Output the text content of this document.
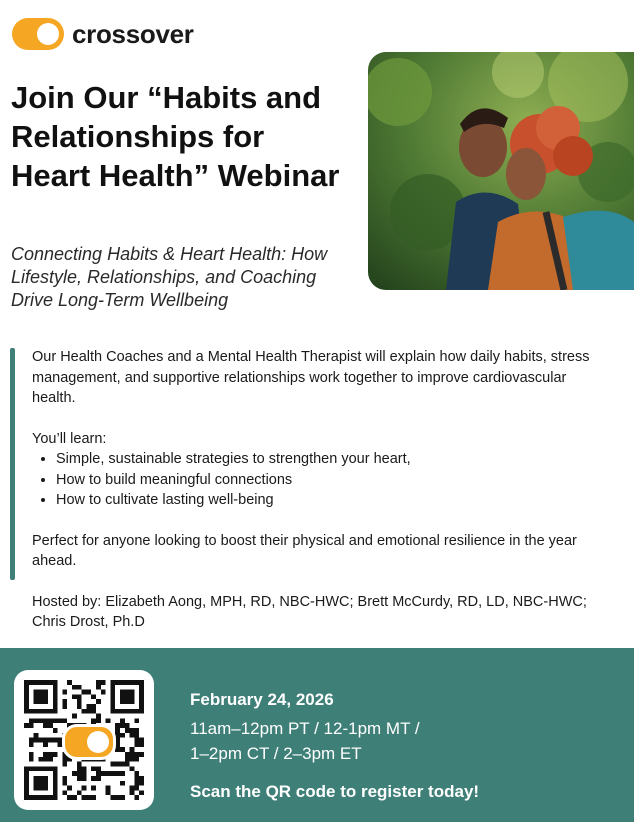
crossover
Join Our “Habits and Relationships for Heart Health” Webinar

Connecting Habits & Heart Health: How Lifestyle, Relationships, and Coaching Drive Long-Term Wellbeing

Our Health Coaches and a Mental Health Therapist will explain how daily habits, stress management, and supportive relationships work together to improve cardiovascular health.

You’ll learn:

• Simple, sustainable strategies to strengthen your heart,
• How to build meaningful connections
• How to cultivate lasting well-being

Perfect for anyone looking to boost their physical and emotional resilience in the year ahead.

Hosted by: Elizabeth Aong, MPH, RD, NBC-HWC; Brett McCurdy, RD, LD, NBC-HWC; Chris Drost, Ph.D

February 24, 2026

11am–12pm PT / 12-1pm MT /

1–2pm CT / 2–3pm ET

Scan the QR code to register today!
